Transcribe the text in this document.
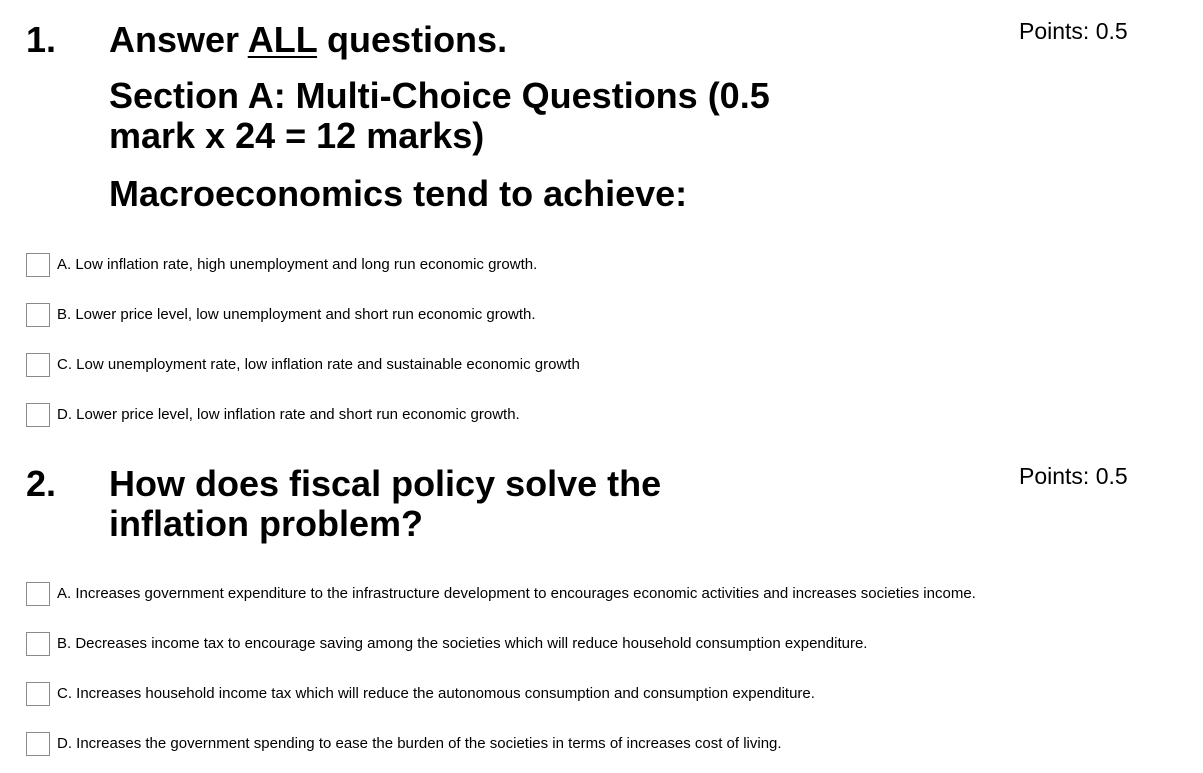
1.	Points: 0.5
Answer ALL questions.
Section A: Multi-Choice Questions (0.5 mark x 24 = 12 marks)
Macroeconomics tend to achieve:
A. Low inflation rate, high unemployment and long run economic growth.
B. Lower price level, low unemployment and short run economic growth.
C. Low unemployment rate, low inflation rate and sustainable economic growth
D. Lower price level, low inflation rate and short run economic growth.
2.	Points: 0.5
How does fiscal policy solve the inflation problem?
A. Increases government expenditure to the infrastructure development to encourages economic activities and increases societies income.
B. Decreases income tax to encourage saving among the societies which will reduce household consumption expenditure.
C. Increases household income tax which will reduce the autonomous consumption and consumption expenditure.
D. Increases the government spending to ease the burden of the societies in terms of increases cost of living.
